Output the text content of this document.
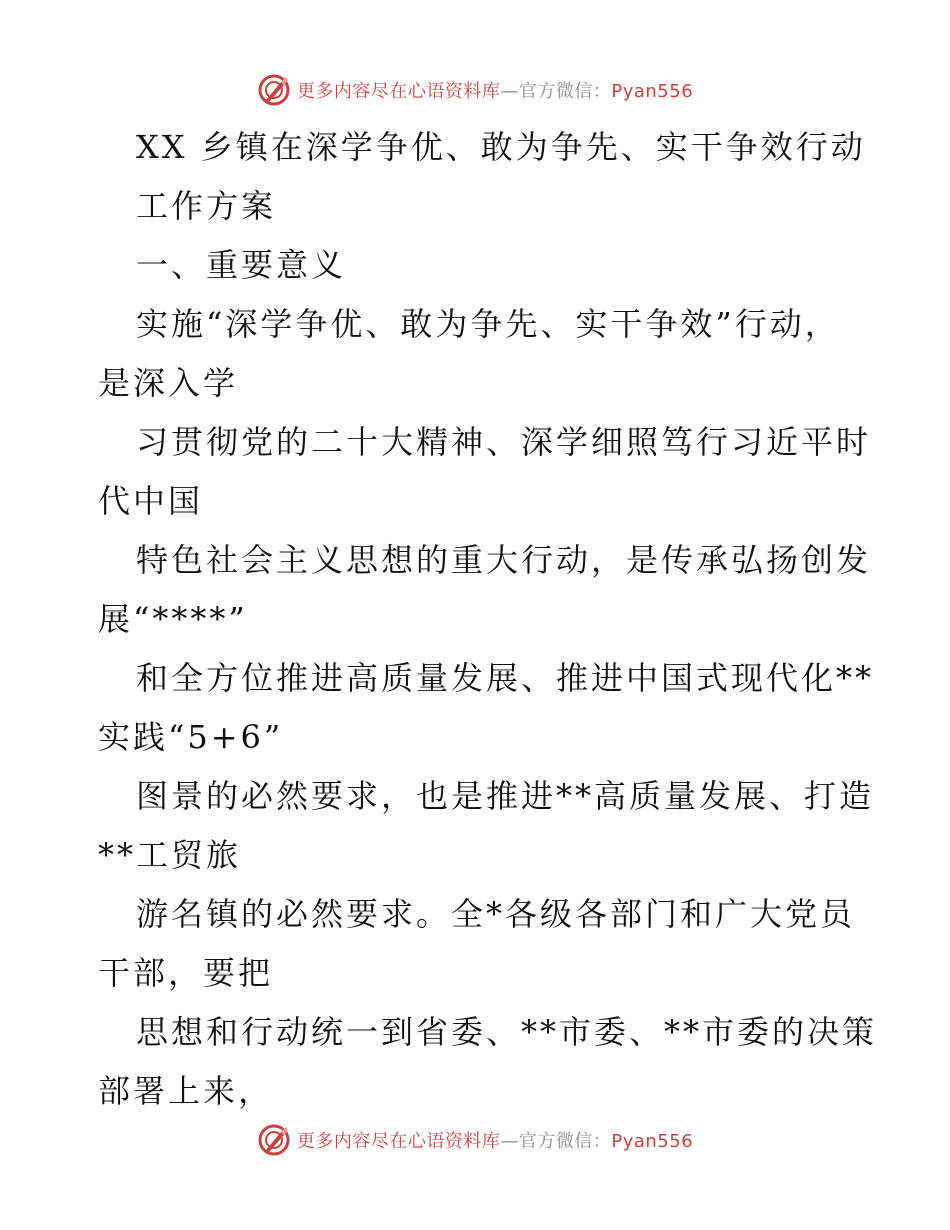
更多内容尽在心语资料库—官方微信：Pyan556
XX 乡镇在深学争优、敢为争先、实干争效行动
工作方案
一、重要意义
实施“深学争优、敢为争先、实干争效”行动，
是深入学
习贯彻党的二十大精神、深学细照笃行习近平时
代中国
特色社会主义思想的重大行动，是传承弘扬创发
展“****”
和全方位推进高质量发展、推进中国式现代化**
实践“5+6”
图景的必然要求，也是推进**高质量发展、打造
**工贸旅
游名镇的必然要求。全*各级各部门和广大党员
干部，要把
思想和行动统一到省委、**市委、**市委的决策
部署上来，
更多内容尽在心语资料库—官方微信：Pyan556
